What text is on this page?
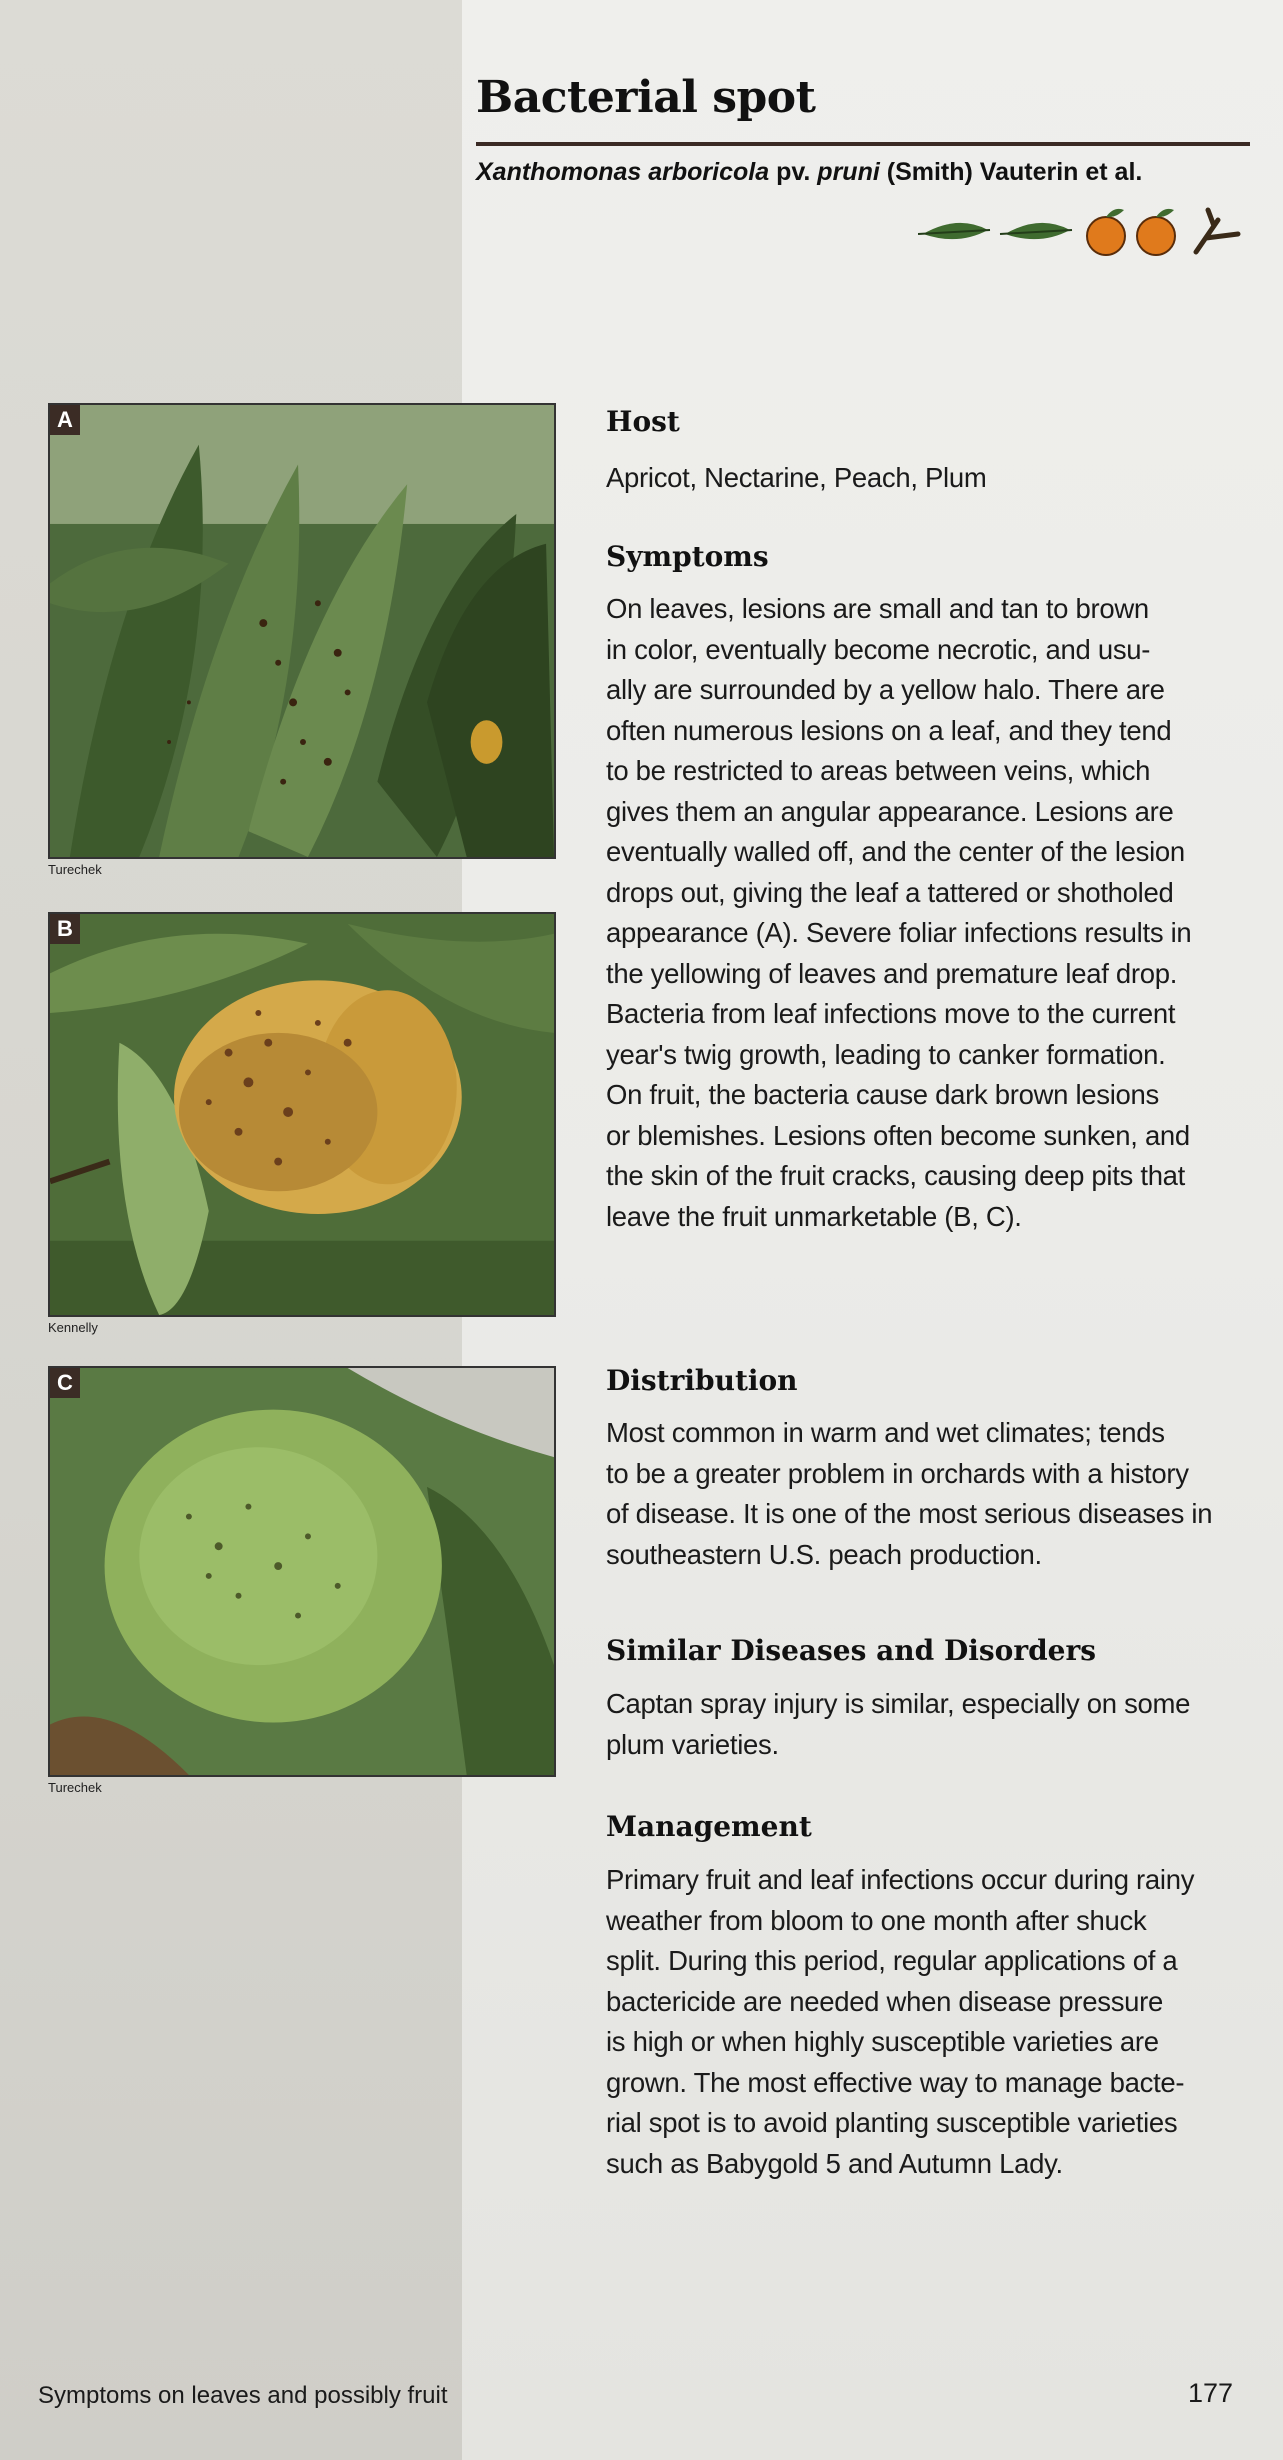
Bacterial spot
Xanthomonas arboricola pv. pruni (Smith) Vauterin et al.
A
Turechek
B
Kennelly
C
Turechek
Host
Apricot, Nectarine, Peach, Plum
Symptoms
On leaves, lesions are small and tan to brown
in color, eventually become necrotic, and usu-
ally are surrounded by a yellow halo. There are
often numerous lesions on a leaf, and they tend
to be restricted to areas between veins, which
gives them an angular appearance. Lesions are
eventually walled off, and the center of the lesion
drops out, giving the leaf a tattered or shotholed
appearance (A). Severe foliar infections results in
the yellowing of leaves and premature leaf drop.
Bacteria from leaf infections move to the current
year's twig growth, leading to canker formation.
On fruit, the bacteria cause dark brown lesions
or blemishes. Lesions often become sunken, and
the skin of the fruit cracks, causing deep pits that
leave the fruit unmarketable (B, C).
Distribution
Most common in warm and wet climates; tends
to be a greater problem in orchards with a history
of disease. It is one of the most serious diseases in
southeastern U.S. peach production.
Similar Diseases and Disorders
Captan spray injury is similar, especially on some
plum varieties.
Management
Primary fruit and leaf infections occur during rainy
weather from bloom to one month after shuck
split. During this period, regular applications of a
bactericide are needed when disease pressure
is high or when highly susceptible varieties are
grown. The most effective way to manage bacte-
rial spot is to avoid planting susceptible varieties
such as Babygold 5 and Autumn Lady.
Symptoms on leaves and possibly fruit	177
